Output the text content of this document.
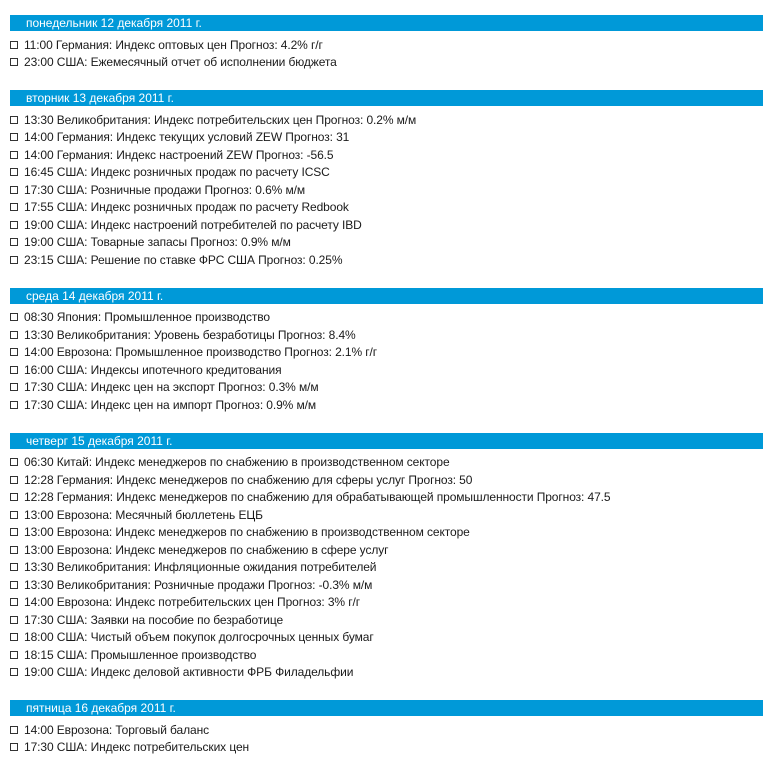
понедельник 12 декабря 2011 г.
11:00 Германия: Индекс оптовых цен Прогноз: 4.2% г/г
23:00 США: Ежемесячный отчет об исполнении бюджета
вторник 13 декабря 2011 г.
13:30 Великобритания: Индекс потребительских цен Прогноз: 0.2% м/м
14:00 Германия: Индекс текущих условий ZEW Прогноз: 31
14:00 Германия: Индекс настроений ZEW Прогноз: -56.5
16:45 США: Индекс розничных продаж по расчету ICSC
17:30 США: Розничные продажи Прогноз: 0.6% м/м
17:55 США: Индекс розничных продаж по расчету Redbook
19:00 США: Индекс настроений потребителей по расчету IBD
19:00 США: Товарные запасы Прогноз: 0.9% м/м
23:15 США: Решение по ставке ФРС США Прогноз: 0.25%
среда 14 декабря 2011 г.
08:30 Япония: Промышленное производство
13:30 Великобритания: Уровень безработицы Прогноз: 8.4%
14:00 Еврозона: Промышленное производство Прогноз: 2.1% г/г
16:00 США: Индексы ипотечного кредитования
17:30 США: Индекс цен на экспорт Прогноз: 0.3% м/м
17:30 США: Индекс цен на импорт Прогноз: 0.9% м/м
четверг 15 декабря 2011 г.
06:30 Китай: Индекс менеджеров по снабжению в производственном секторе
12:28 Германия: Индекс менеджеров по снабжению для сферы услуг Прогноз: 50
12:28 Германия: Индекс менеджеров по снабжению для обрабатывающей промышленности Прогноз: 47.5
13:00 Еврозона: Месячный бюллетень ЕЦБ
13:00 Еврозона: Индекс менеджеров по снабжению в производственном секторе
13:00 Еврозона: Индекс менеджеров по снабжению в сфере услуг
13:30 Великобритания: Инфляционные ожидания потребителей
13:30 Великобритания: Розничные продажи Прогноз: -0.3% м/м
14:00 Еврозона: Индекс потребительских цен Прогноз: 3% г/г
17:30 США: Заявки на пособие по безработице
18:00 США: Чистый объем покупок долгосрочных ценных бумаг
18:15 США: Промышленное производство
19:00 США: Индекс деловой активности ФРБ Филадельфии
пятница 16 декабря 2011 г.
14:00 Еврозона: Торговый баланс
17:30 США: Индекс потребительских цен
